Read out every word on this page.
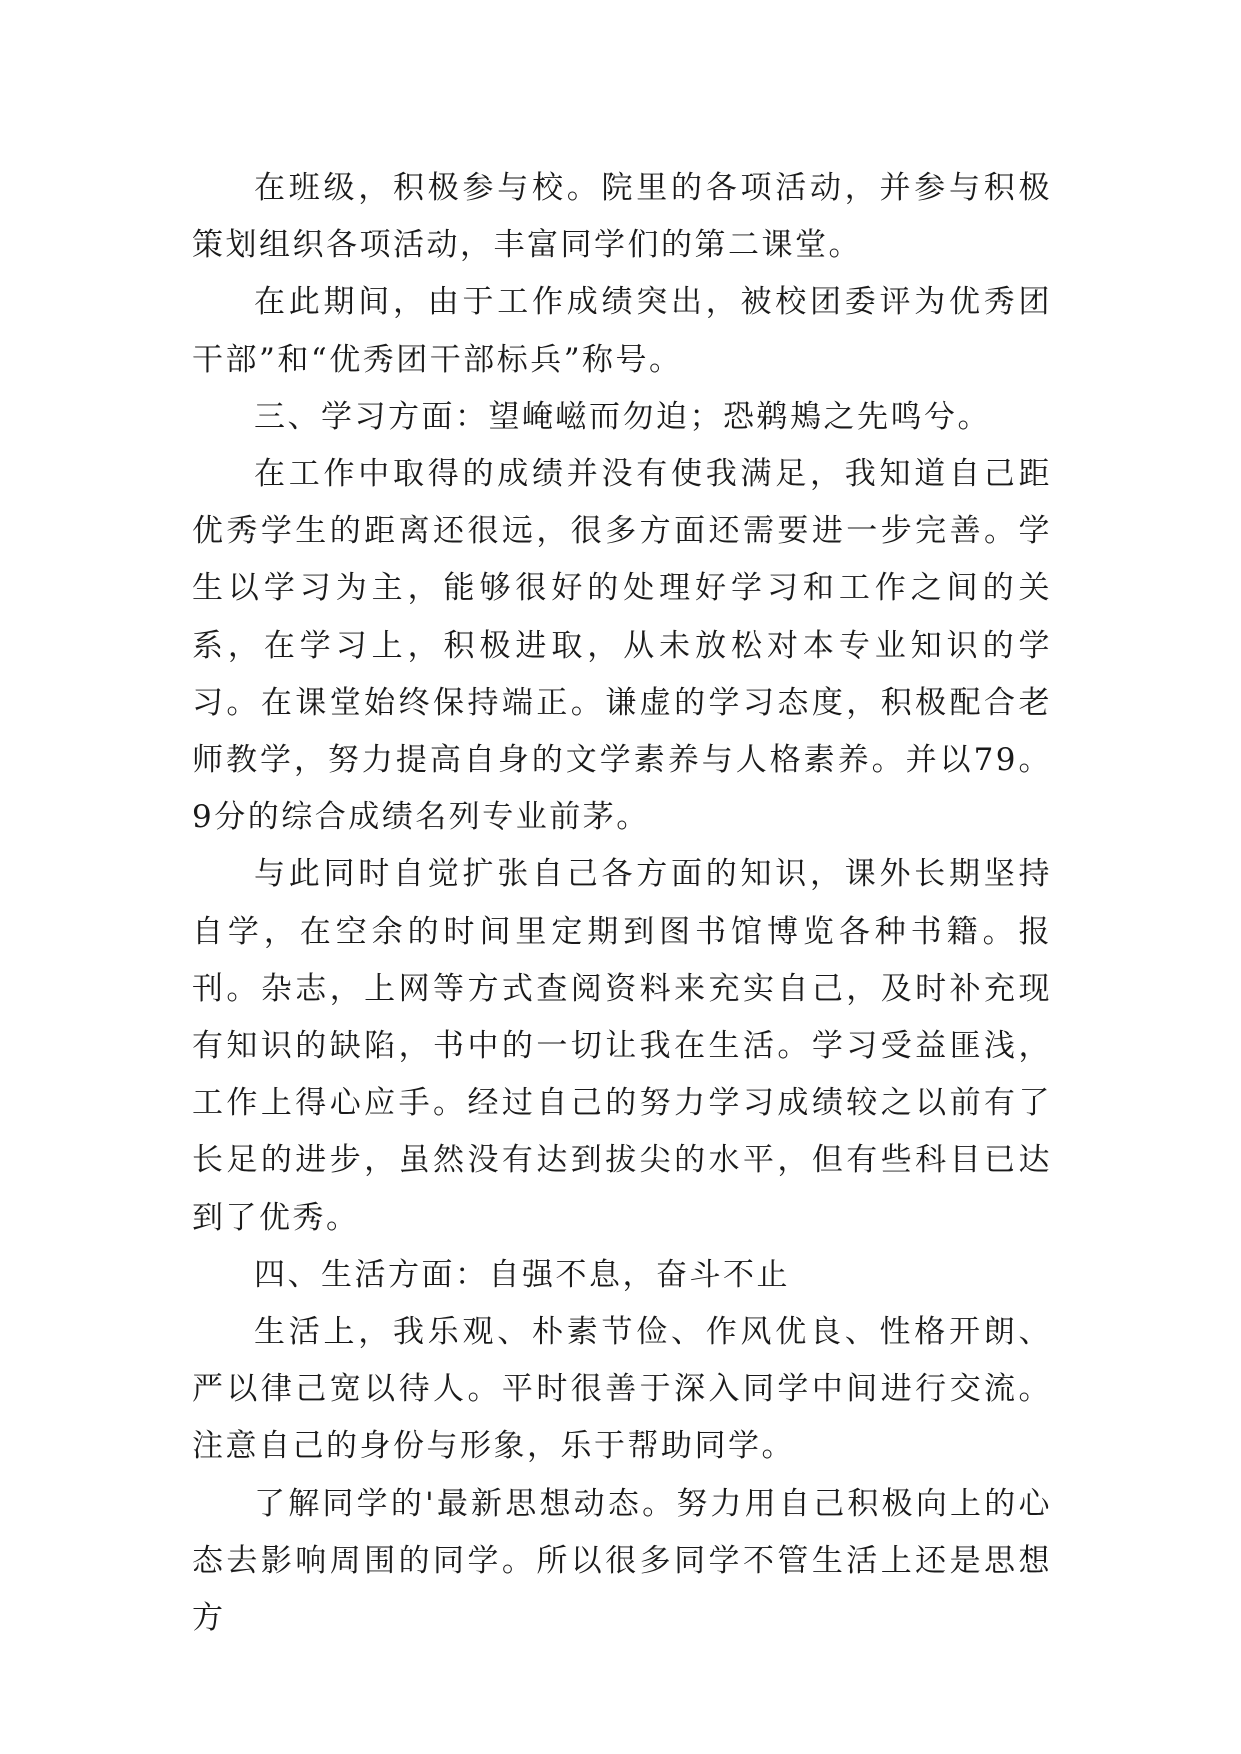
在班级，积极参与校。院里的各项活动，并参与积极策划组织各项活动，丰富同学们的第二课堂。

在此期间，由于工作成绩突出，被校团委评为优秀团干部”和“优秀团干部标兵”称号。

三、学习方面：望崦嵫而勿迫；恐鹈鴂之先鸣兮。

在工作中取得的成绩并没有使我满足，我知道自己距优秀学生的距离还很远，很多方面还需要进一步完善。学生以学习为主，能够很好的处理好学习和工作之间的关系，在学习上，积极进取，从未放松对本专业知识的学习。在课堂始终保持端正。谦虚的学习态度，积极配合老师教学，努力提高自身的文学素养与人格素养。并以79。9分的综合成绩名列专业前茅。

与此同时自觉扩张自己各方面的知识，课外长期坚持自学，在空余的时间里定期到图书馆博览各种书籍。报刊。杂志，上网等方式查阅资料来充实自己，及时补充现有知识的缺陷，书中的一切让我在生活。学习受益匪浅，工作上得心应手。经过自己的努力学习成绩较之以前有了长足的进步，虽然没有达到拔尖的水平，但有些科目已达到了优秀。

四、生活方面：自强不息，奋斗不止

生活上，我乐观、朴素节俭、作风优良、性格开朗、严以律己宽以待人。平时很善于深入同学中间进行交流。注意自己的身份与形象，乐于帮助同学。

了解同学的'最新思想动态。努力用自己积极向上的心态去影响周围的同学。所以很多同学不管生活上还是思想方
